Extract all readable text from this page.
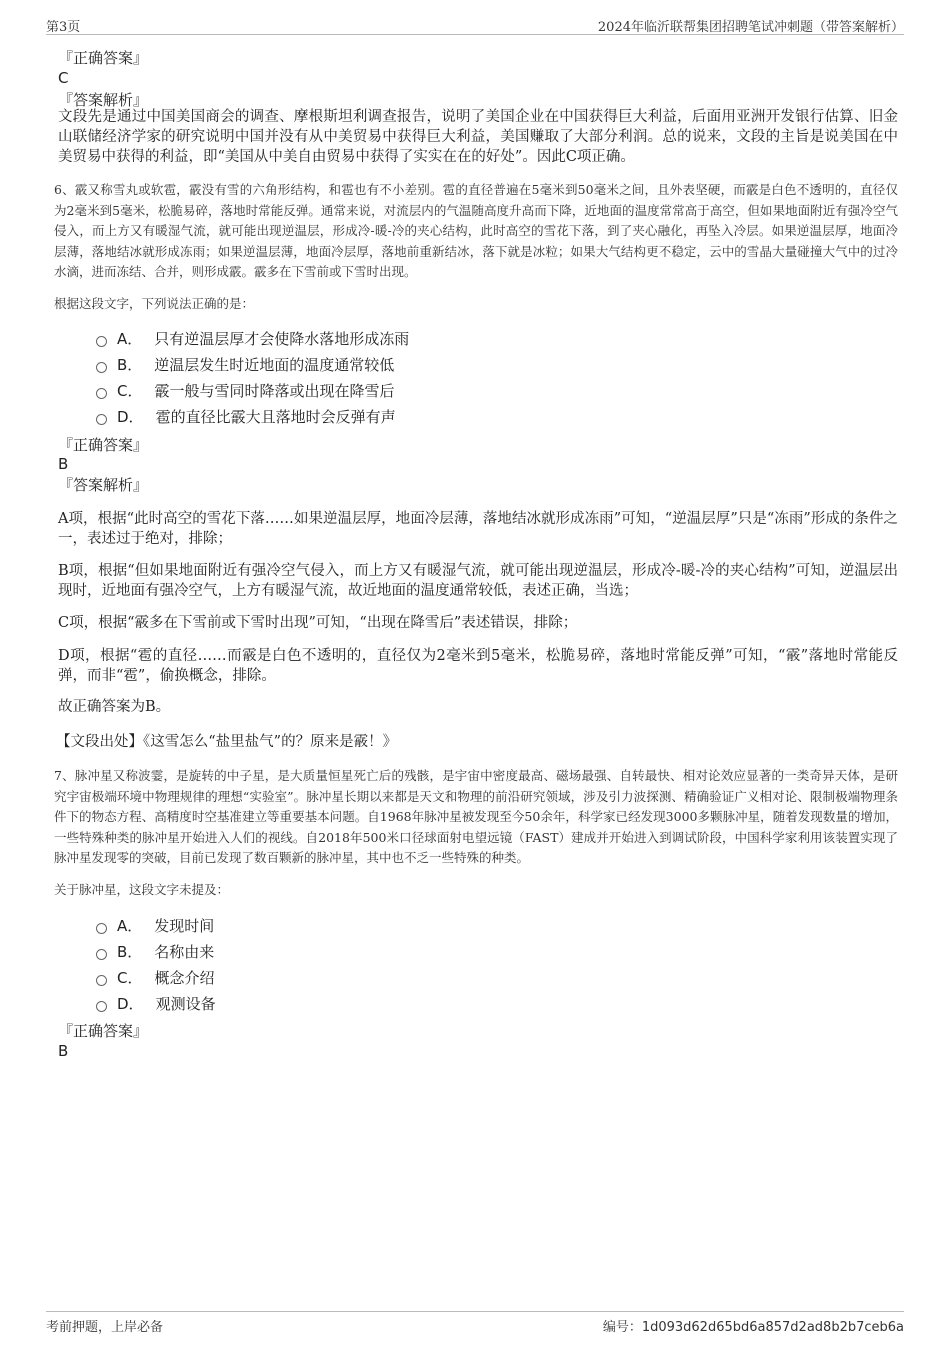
第3页	2024年临沂联帮集团招聘笔试冲刺题（带答案解析）
『正确答案』
C
『答案解析』
文段先是通过中国美国商会的调查、摩根斯坦利调查报告，说明了美国企业在中国获得巨大利益，后面用亚洲开发银行估算、旧金山联储经济学家的研究说明中国并没有从中美贸易中获得巨大利益，美国赚取了大部分利润。总的说来，文段的主旨是说美国在中美贸易中获得的利益，即“美国从中美自由贸易中获得了实实在在的好处”。因此C项正确。
6、霰又称雪丸或软雹，霰没有雪的六角形结构，和雹也有不小差别。雹的直径普遍在5毫米到50毫米之间，且外表坚硬，而霰是白色不透明的，直径仅为2毫米到5毫米，松脆易碎，落地时常能反弹。通常来说，对流层内的气温随高度升高而下降，近地面的温度常常高于高空，但如果地面附近有强冷空气侵入，而上方又有暖湿气流，就可能出现逆温层，形成冷-暖-冷的夹心结构，此时高空的雪花下落，到了夹心融化，再坠入冷层。如果逆温层厚，地面冷层薄，落地结冰就形成冻雨；如果逆温层薄，地面冷层厚，落地前重新结冰，落下就是冰粒；如果大气结构更不稳定，云中的雪晶大量碰撞大气中的过冷水滴，进而冻结、合并，则形成霰。霰多在下雪前或下雪时出现。
根据这段文字，下列说法正确的是：
A． 只有逆温层厚才会使降水落地形成冻雨
B． 逆温层发生时近地面的温度通常较低
C． 霰一般与雪同时降落或出现在降雪后
D． 雹的直径比霰大且落地时会反弹有声
『正确答案』
B
『答案解析』
A项，根据“此时高空的雪花下落……如果逆温层厚，地面冷层薄，落地结冰就形成冻雨”可知，“逆温层厚”只是“冻雨”形成的条件之一，表述过于绝对，排除；
B项，根据“但如果地面附近有强冷空气侵入，而上方又有暖湿气流，就可能出现逆温层，形成冷-暖-冷的夹心结构”可知，逆温层出现时，近地面有强冷空气，上方有暖湿气流，故近地面的温度通常较低，表述正确，当选；
C项，根据“霰多在下雪前或下雪时出现”可知，“出现在降雪后”表述错误，排除；
D项，根据“雹的直径……而霰是白色不透明的，直径仅为2毫米到5毫米，松脆易碎，落地时常能反弹”可知，“霰”落地时常能反弹，而非“雹”，偷换概念，排除。
故正确答案为B。
【文段出处】《这雪怎么“盐里盐气”的？原来是霰！》
7、脉冲星又称波霎，是旋转的中子星，是大质量恒星死亡后的残骸，是宇宙中密度最高、磁场最强、自转最快、相对论效应显著的一类奇异天体，是研究宇宙极端环境中物理规律的理想“实验室”。脉冲星长期以来都是天文和物理的前沿研究领域，涉及引力波探测、精确验证广义相对论、限制极端物理条件下的物态方程、高精度时空基准建立等重要基本问题。自1968年脉冲星被发现至今50余年，科学家已经发现3000多颗脉冲星，随着发现数量的增加，一些特殊种类的脉冲星开始进入人们的视线。自2018年500米口径球面射电望远镜（FAST）建成并开始进入到调试阶段，中国科学家利用该装置实现了脉冲星发现零的突破，目前已发现了数百颗新的脉冲星，其中也不乏一些特殊的种类。
关于脉冲星，这段文字未提及：
A． 发现时间
B． 名称由来
C． 概念介绍
D． 观测设备
『正确答案』
B
考前押题，上岸必备	编号：1d093d62d65bd6a857d2ad8b2b7ceb6a
